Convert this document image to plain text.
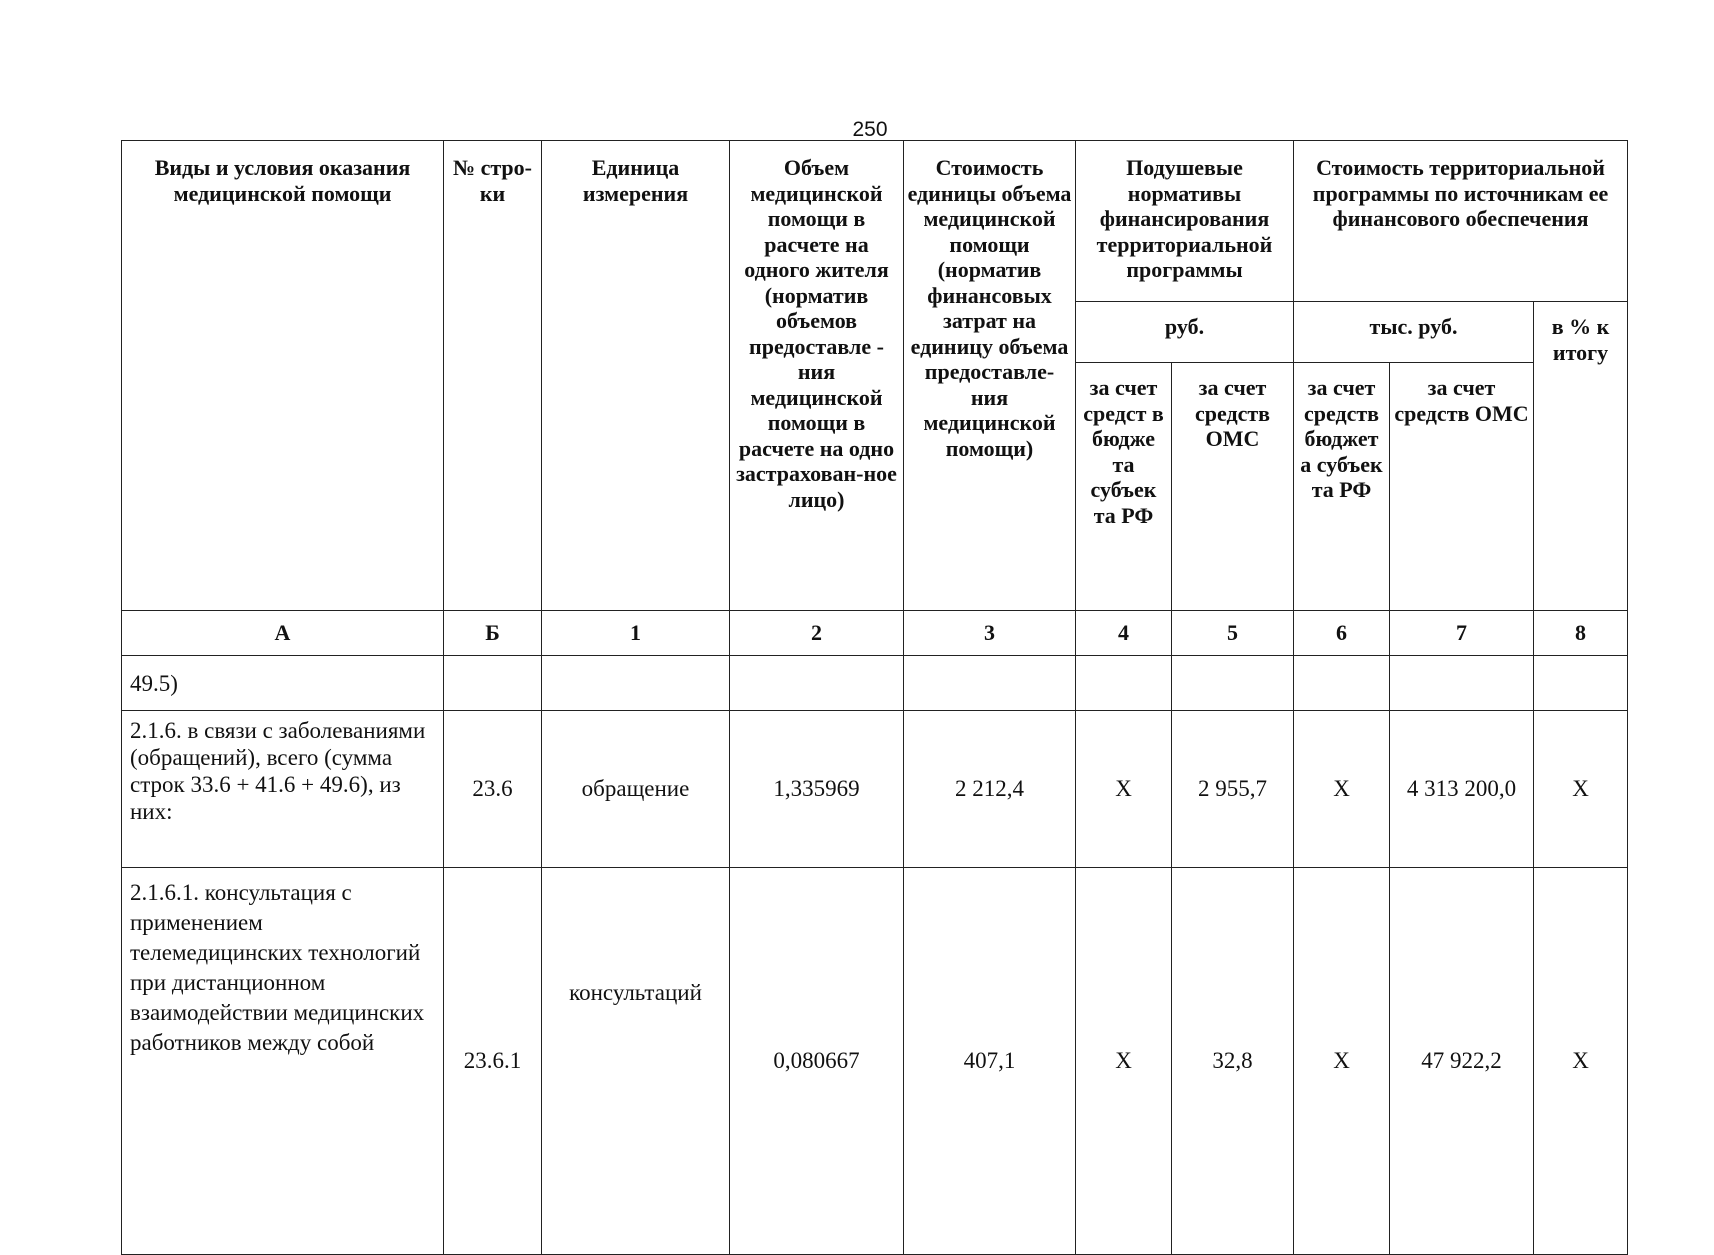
250
Виды и условия оказания медицинской помощи	№ стро-ки	Единица измерения	Объем медицинской помощи в расчете на одного жителя (норматив объемов предоставле - ния медицинской помощи в расчете на одно застрахован-ное лицо)	Стоимость единицы объема медицинской помощи (норматив финансовых затрат на единицу объема предоставле-ния медицинской помощи)	Подушевые нормативы финансирования территориальной программы		Стоимость территориальной программы по источникам ее финансового обеспечения		
					руб.		тыс. руб.		в % к итогу
					за счет средст в бюдже та субъек та РФ	за счет средств ОМС	за счет средств бюджет а субъек та РФ	за счет средств ОМС	
А	Б	1	2	3	4	5	6	7	8
49.5)									
2.1.6. в связи с заболеваниями (обращений), всего (сумма строк 33.6 + 41.6 + 49.6), из них:	23.6	обращение	1,335969	2 212,4	Х	2 955,7	Х	4 313 200,0	Х
2.1.6.1. консультация с применением телемедицинских технологий при дистанционном взаимодействии медицинских работников между собой	23.6.1	консультаций	0,080667	407,1	Х	32,8	Х	47 922,2	Х
